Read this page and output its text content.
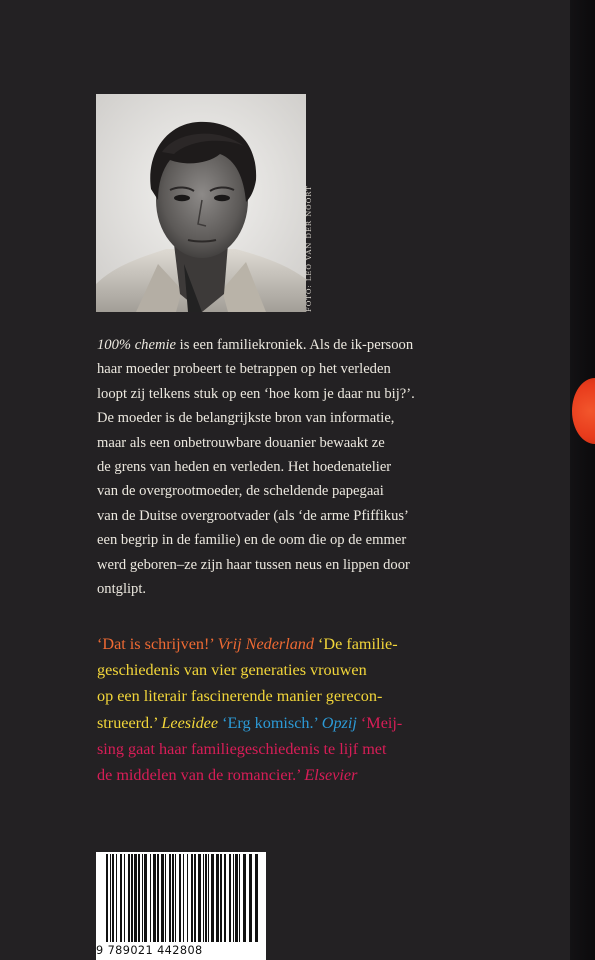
FOTO: LEO VAN DER NOORT
100% chemie is een familiekroniek. Als de ik-persoon
haar moeder probeert te betrappen op het verleden
loopt zij telkens stuk op een ‘hoe kom je daar nu bij?’.
De moeder is de belangrijkste bron van informatie,
maar als een onbetrouwbare douanier bewaakt ze
de grens van heden en verleden. Het hoedenatelier
van de overgrootmoeder, de scheldende papegaai
van de Duitse overgrootvader (als ‘de arme Pfiffikus’
een begrip in de familie) en de oom die op de emmer
werd geboren–ze zijn haar tussen neus en lippen door
ontglipt.
‘Dat is schrijven!’ Vrij Nederland ‘De familie-
geschiedenis van vier generaties vrouwen
op een literair fascinerende manier gerecon-
strueerd.’ Leesidee ‘Erg komisch.’ Opzij ‘Meij-
sing gaat haar familiegeschiedenis te lijf met
de middelen van de romancier.’ Elsevier
9 789021 442808
